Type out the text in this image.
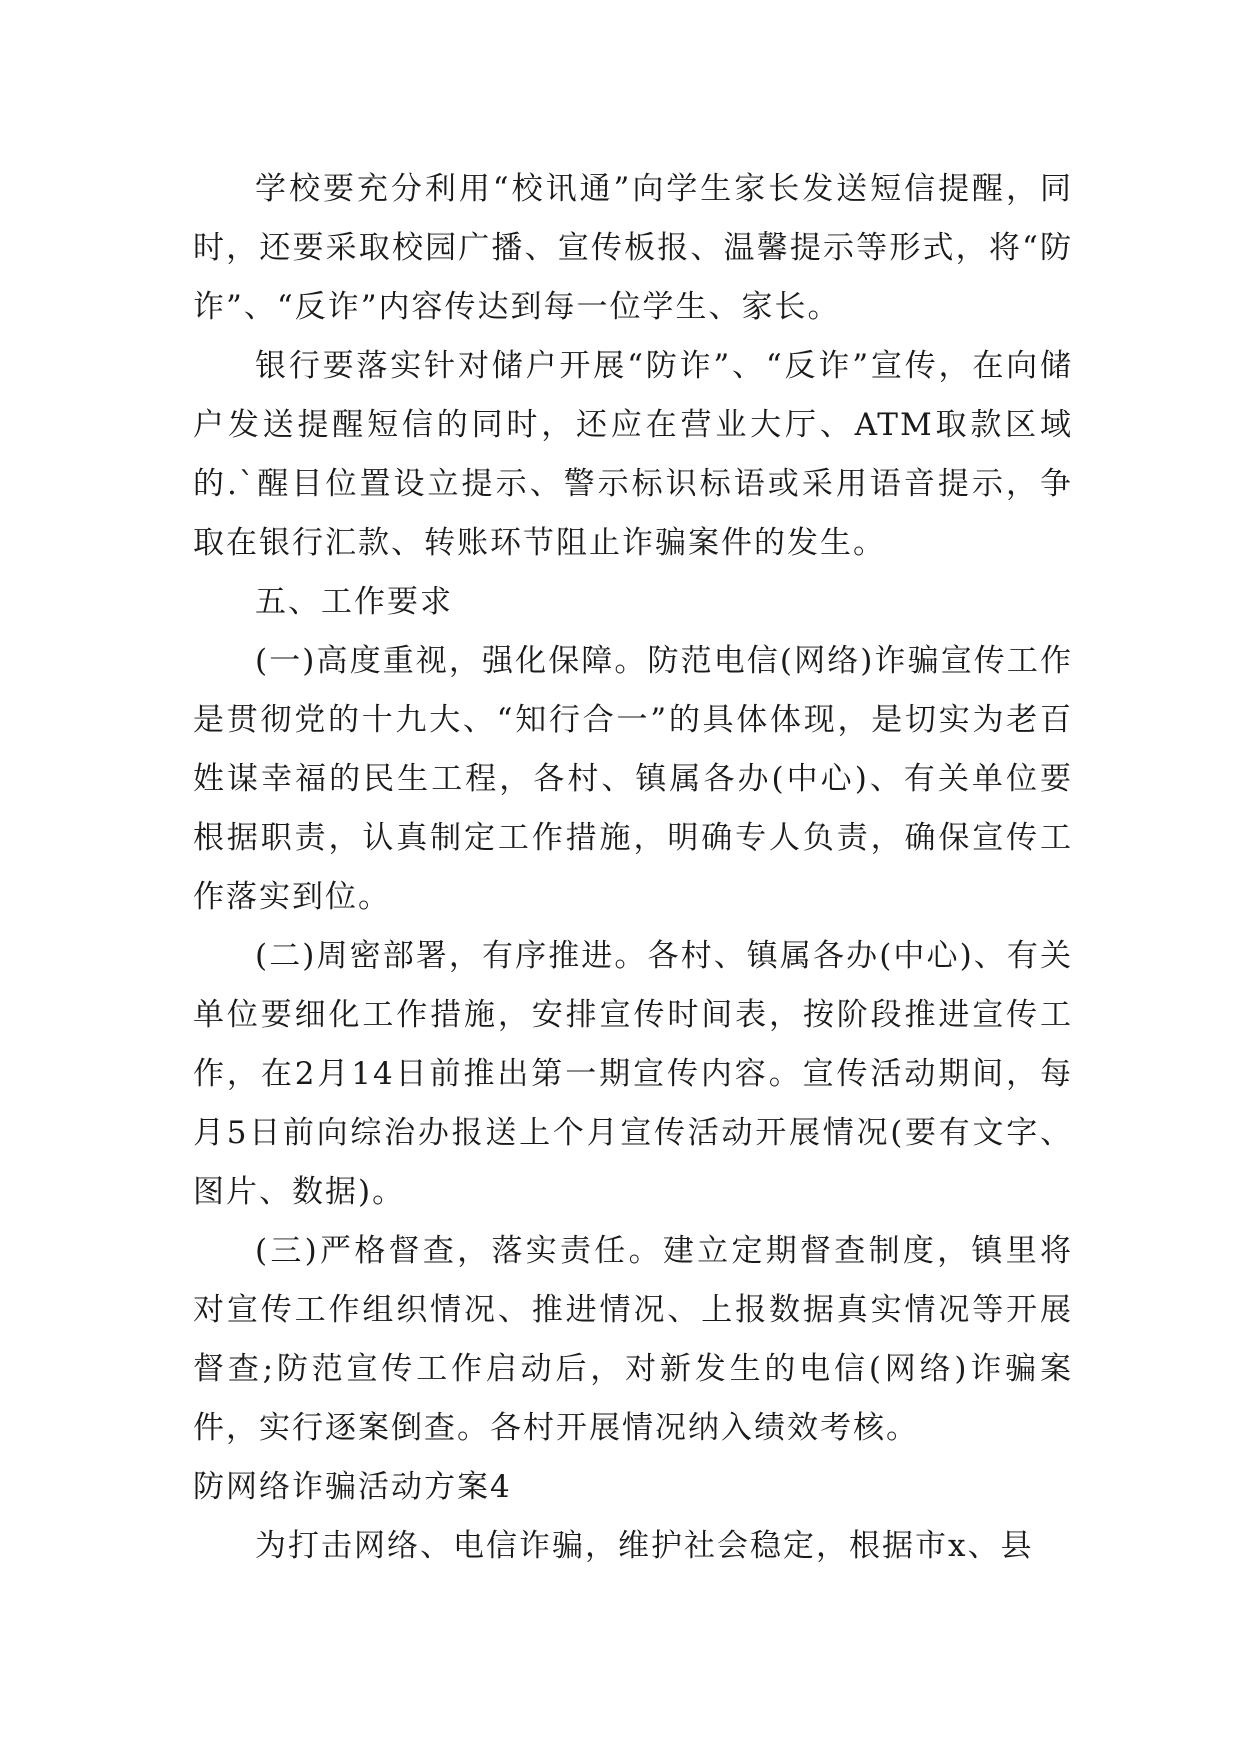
学校要充分利用“校讯通”向学生家长发送短信提醒，同时，还要采取校园广播、宣传板报、温馨提示等形式，将“防诈”、“反诈”内容传达到每一位学生、家长。

银行要落实针对储户开展“防诈”、“反诈”宣传，在向储户发送提醒短信的同时，还应在营业大厅、ATM取款区域的.`醒目位置设立提示、警示标识标语或采用语音提示，争取在银行汇款、转账环节阻止诈骗案件的发生。

五、工作要求

(一)高度重视，强化保障。防范电信(网络)诈骗宣传工作是贯彻党的十九大、“知行合一”的具体体现，是切实为老百姓谋幸福的民生工程，各村、镇属各办(中心)、有关单位要根据职责，认真制定工作措施，明确专人负责，确保宣传工作落实到位。

(二)周密部署，有序推进。各村、镇属各办(中心)、有关单位要细化工作措施，安排宣传时间表，按阶段推进宣传工作，在2月14日前推出第一期宣传内容。宣传活动期间，每月5日前向综治办报送上个月宣传活动开展情况(要有文字、图片、数据)。

(三)严格督查，落实责任。建立定期督查制度，镇里将对宣传工作组织情况、推进情况、上报数据真实情况等开展督查;防范宣传工作启动后，对新发生的电信(网络)诈骗案件，实行逐案倒查。各村开展情况纳入绩效考核。

防网络诈骗活动方案4

为打击网络、电信诈骗，维护社会稳定，根据市x、县
